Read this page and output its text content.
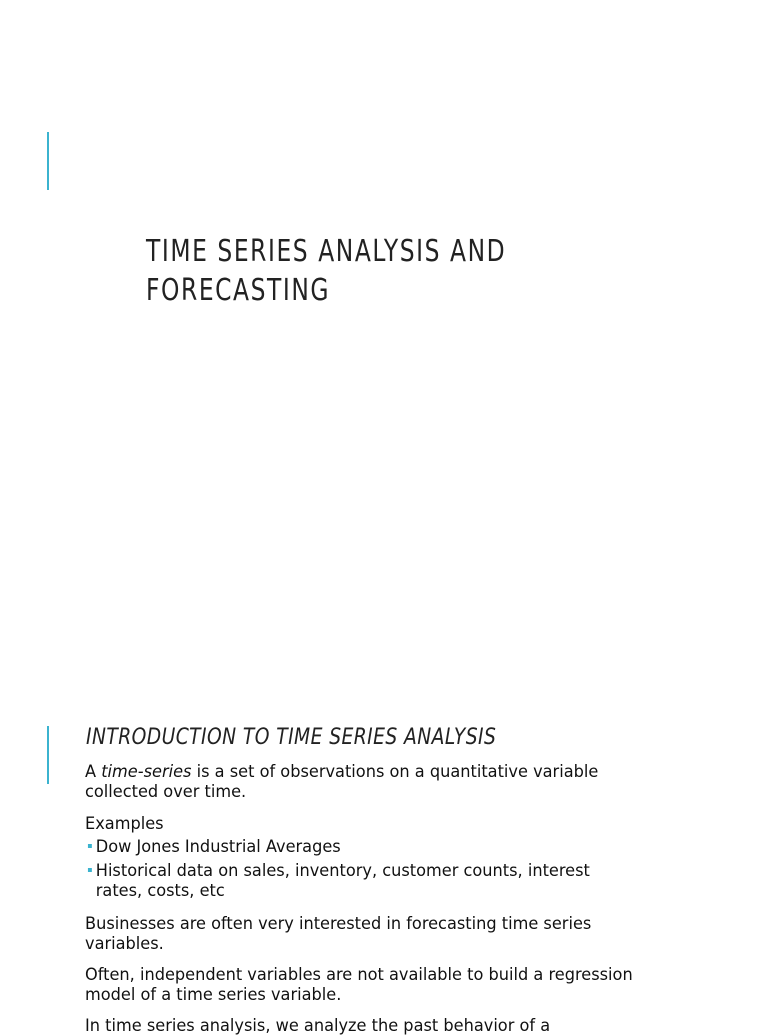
TIME SERIES ANALYSIS AND
FORECASTING
INTRODUCTION TO TIME SERIES ANALYSIS
A time-series is a set of observations on a quantitative variable collected over time.
Examples
Dow Jones Industrial Averages
Historical data on sales, inventory, customer counts, interest rates, costs, etc
Businesses are often very interested in forecasting time series variables.
Often, independent variables are not available to build a regression model of a time series variable.
In time series analysis, we analyze the past behavior of a
